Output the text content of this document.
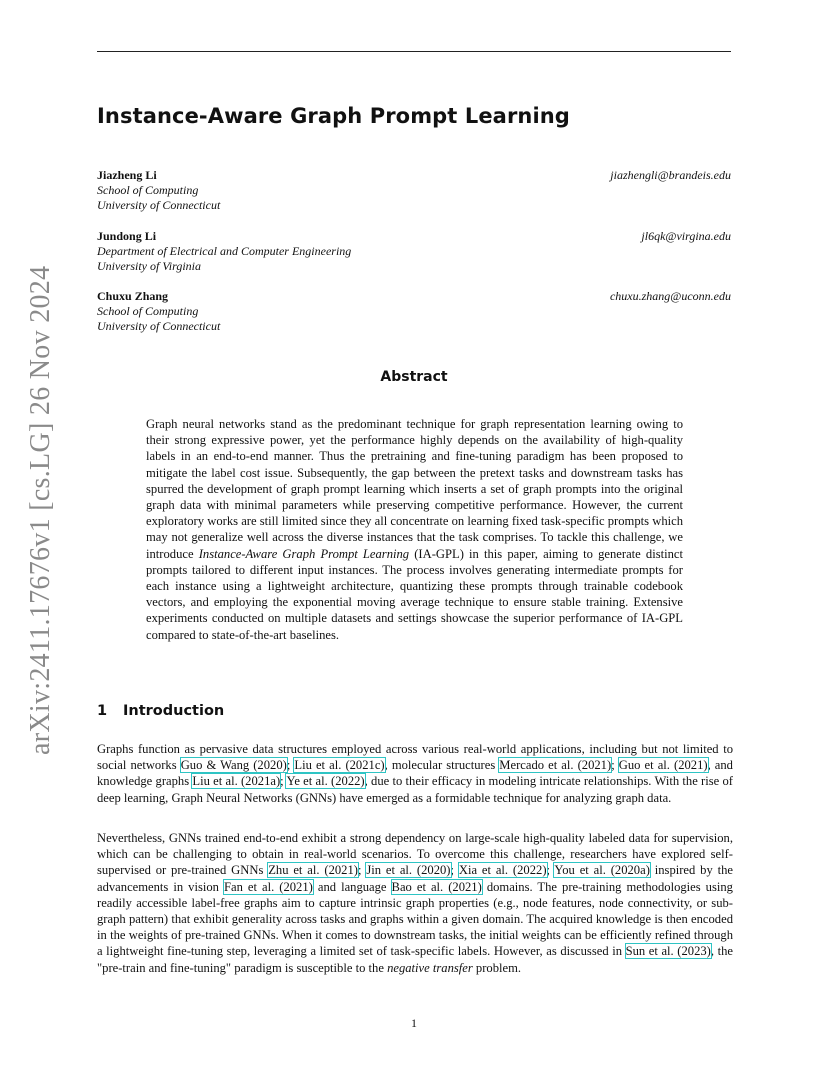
arXiv:2411.17676v1 [cs.LG] 26 Nov 2024
Instance-Aware Graph Prompt Learning
Jiazheng Li
School of Computing
University of Connecticut
jiazhengli@brandeis.edu
Jundong Li
Department of Electrical and Computer Engineering
University of Virginia
jl6qk@virgina.edu
Chuxu Zhang
School of Computing
University of Connecticut
chuxu.zhang@uconn.edu
Abstract
Graph neural networks stand as the predominant technique for graph representation learning owing to their strong expressive power, yet the performance highly depends on the availability of high-quality labels in an end-to-end manner. Thus the pretraining and fine-tuning paradigm has been proposed to mitigate the label cost issue. Subsequently, the gap between the pretext tasks and downstream tasks has spurred the development of graph prompt learning which inserts a set of graph prompts into the original graph data with minimal parameters while preserving competitive performance. However, the current exploratory works are still limited since they all concentrate on learning fixed task-specific prompts which may not generalize well across the diverse instances that the task comprises. To tackle this challenge, we introduce Instance-Aware Graph Prompt Learning (IA-GPL) in this paper, aiming to generate distinct prompts tailored to different input instances. The process involves generating intermediate prompts for each instance using a lightweight architecture, quantizing these prompts through trainable codebook vectors, and employing the exponential moving average technique to ensure stable training. Extensive experiments conducted on multiple datasets and settings showcase the superior performance of IA-GPL compared to state-of-the-art baselines.
1 Introduction
Graphs function as pervasive data structures employed across various real-world applications, including but not limited to social networks Guo & Wang (2020); Liu et al. (2021c), molecular structures Mercado et al. (2021); Guo et al. (2021), and knowledge graphs Liu et al. (2021a); Ye et al. (2022), due to their efficacy in modeling intricate relationships. With the rise of deep learning, Graph Neural Networks (GNNs) have emerged as a formidable technique for analyzing graph data.
Nevertheless, GNNs trained end-to-end exhibit a strong dependency on large-scale high-quality labeled data for supervision, which can be challenging to obtain in real-world scenarios. To overcome this challenge, researchers have explored self-supervised or pre-trained GNNs Zhu et al. (2021); Jin et al. (2020); Xia et al. (2022); You et al. (2020a) inspired by the advancements in vision Fan et al. (2021) and language Bao et al. (2021) domains. The pre-training methodologies using readily accessible label-free graphs aim to capture intrinsic graph properties (e.g., node features, node connectivity, or sub-graph pattern) that exhibit generality across tasks and graphs within a given domain. The acquired knowledge is then encoded in the weights of pre-trained GNNs. When it comes to downstream tasks, the initial weights can be efficiently refined through a lightweight fine-tuning step, leveraging a limited set of task-specific labels. However, as discussed in Sun et al. (2023), the "pre-train and fine-tuning" paradigm is susceptible to the negative transfer problem.
1
